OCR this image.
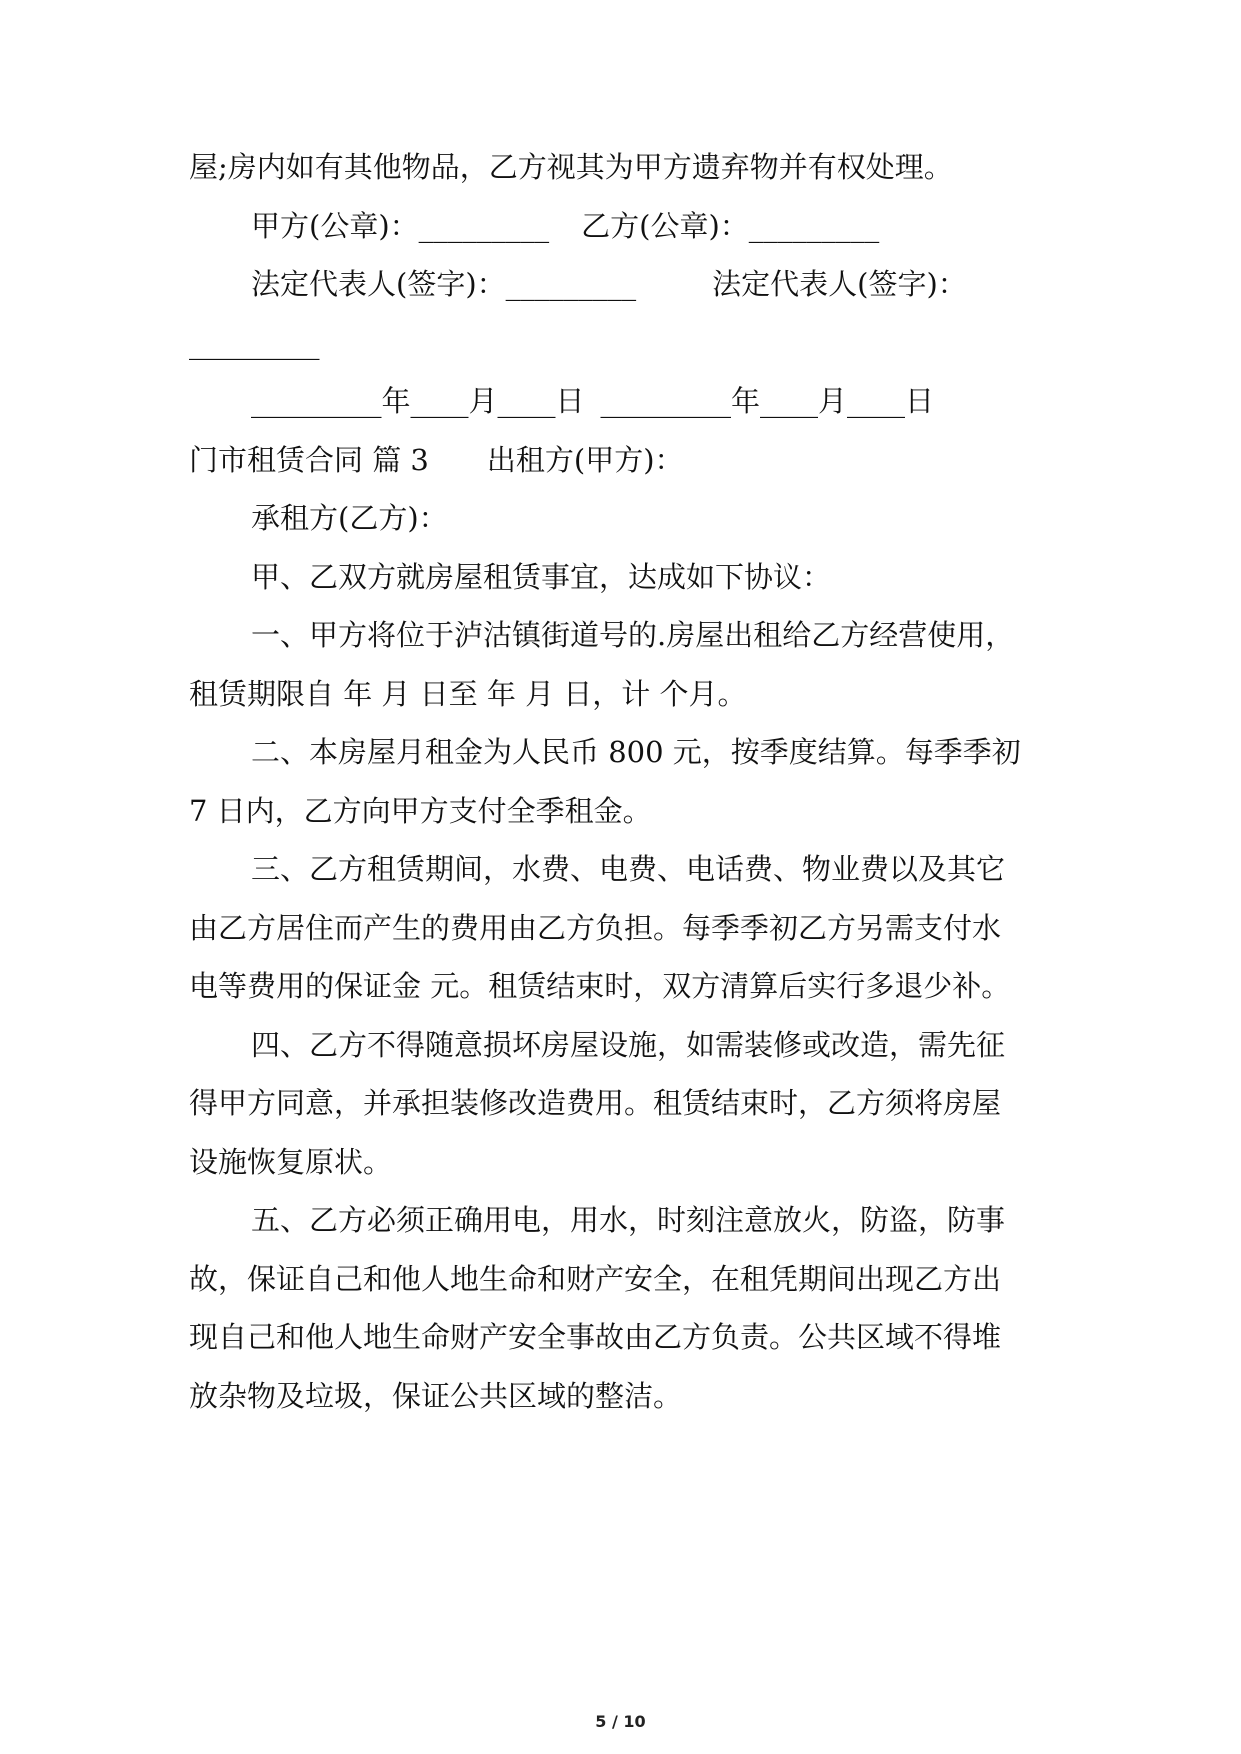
屋;房内如有其他物品，乙方视其为甲方遗弃物并有权处理。
甲方(公章)：_________ 乙方(公章)：_________
法定代表人(签字)：_________	法定代表人(签字)：
_________
_________年____月____日 _________年____月____日
门市租赁合同 篇 3 出租方(甲方)：
承租方(乙方)：
甲、乙双方就房屋租赁事宜，达成如下协议：
一、甲方将位于泸沽镇街道号的.房屋出租给乙方经营使用，
租赁期限自 年 月 日至 年 月 日，计 个月。
二、本房屋月租金为人民币 800 元，按季度结算。每季季初
7 日内，乙方向甲方支付全季租金。
三、乙方租赁期间，水费、电费、电话费、物业费以及其它
由乙方居住而产生的费用由乙方负担。每季季初乙方另需支付水
电等费用的保证金 元。租赁结束时，双方清算后实行多退少补。
四、乙方不得随意损坏房屋设施，如需装修或改造，需先征
得甲方同意，并承担装修改造费用。租赁结束时，乙方须将房屋
设施恢复原状。
五、乙方必须正确用电，用水，时刻注意放火，防盗，防事
故，保证自己和他人地生命和财产安全，在租凭期间出现乙方出
现自己和他人地生命财产安全事故由乙方负责。公共区域不得堆
放杂物及垃圾，保证公共区域的整洁。
5 / 10
